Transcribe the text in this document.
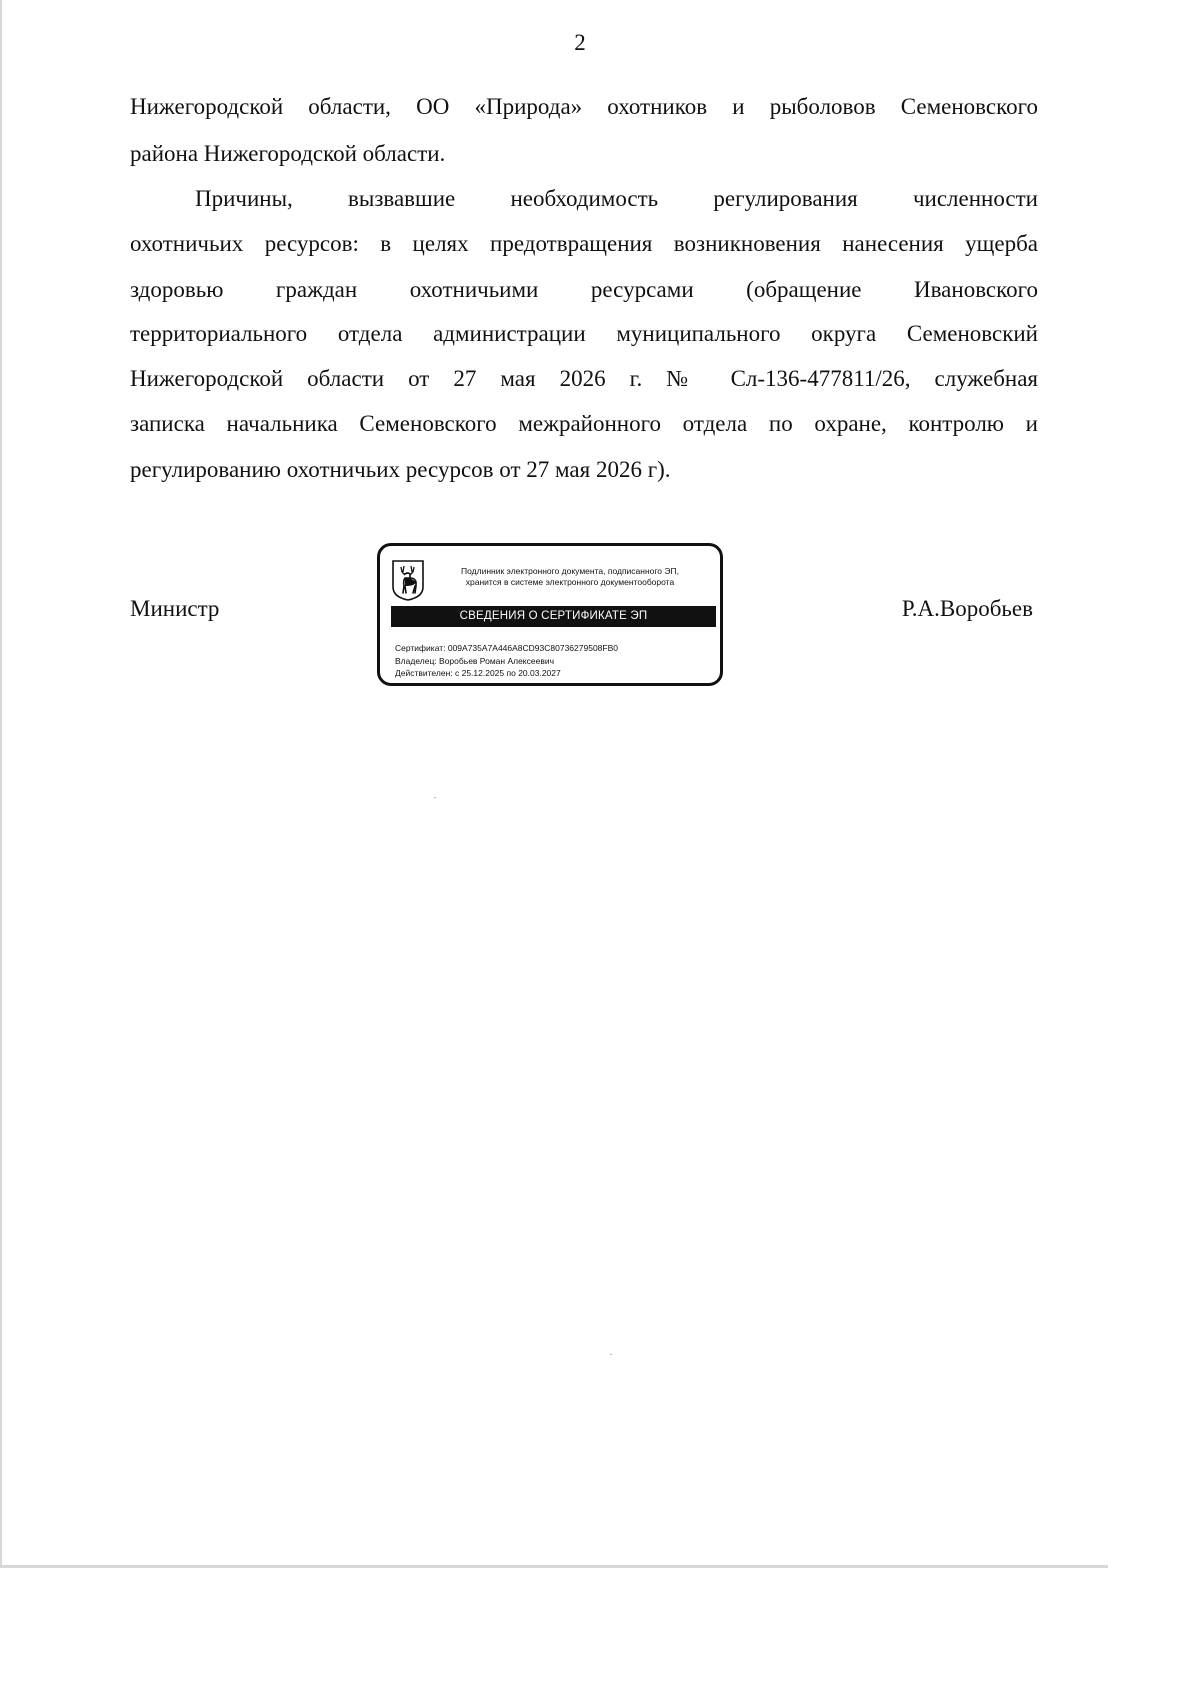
2
Нижегородской области, ОО «Природа» охотников и рыболовов Семеновского
района Нижегородской области.
Причины, вызвавшие необходимость регулирования численности
охотничьих ресурсов: в целях предотвращения возникновения нанесения ущерба
здоровью граждан охотничьими ресурсами (обращение Ивановского
территориального отдела администрации муниципального округа Семеновский
Нижегородской области от 27 мая 2026 г. № Сл-136-477811/26, служебная
записка начальника Семеновского межрайонного отдела по охране, контролю и
регулированию охотничьих ресурсов от 27 мая 2026 г).
Министр	Р.А.Воробьев
Подлинник электронного документа, подписанного ЭП,
хранится в системе электронного документооборота
СВЕДЕНИЯ О СЕРТИФИКАТЕ ЭП
Сертификат: 009A735A7A446A8CD93C80736279508FB0
Владелец: Воробьев Роман Алексеевич
Действителен: с 25.12.2025 по 20.03.2027
